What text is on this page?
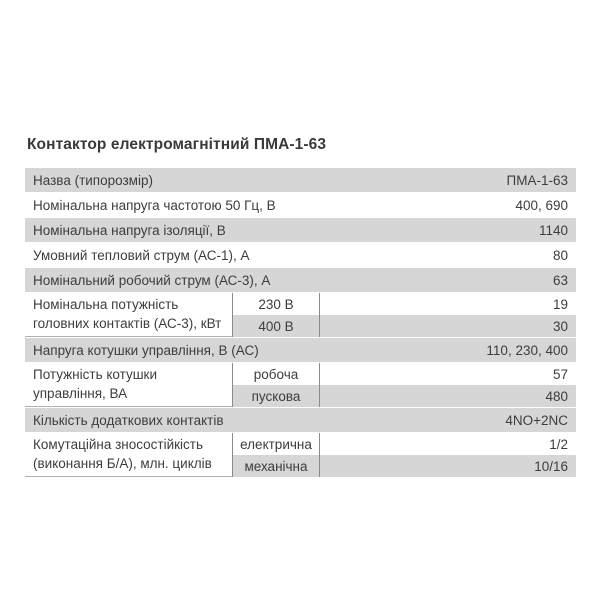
Контактор електромагнітний ПМА-1-63
Назва (типорозмір)	ПМА-1-63
Номінальна напруга частотою 50 Гц, В	400, 690
Номінальна напруга ізоляції, В	1140
Умовний тепловий струм (АС-1), А	80
Номінальний робочий струм (АС-3), А	63
Номінальна потужність головних контактів (АС-3), кВт
230 В	19
400 В	30
Напруга котушки управління, В (АС)	110, 230, 400
Потужність котушки управління, ВА
робоча	57
пускова	480
Кількість додаткових контактів	4NO+2NC
Комутаційна зносостійкість (виконання Б/А), млн. циклів
електрична	1/2
механічна	10/16
